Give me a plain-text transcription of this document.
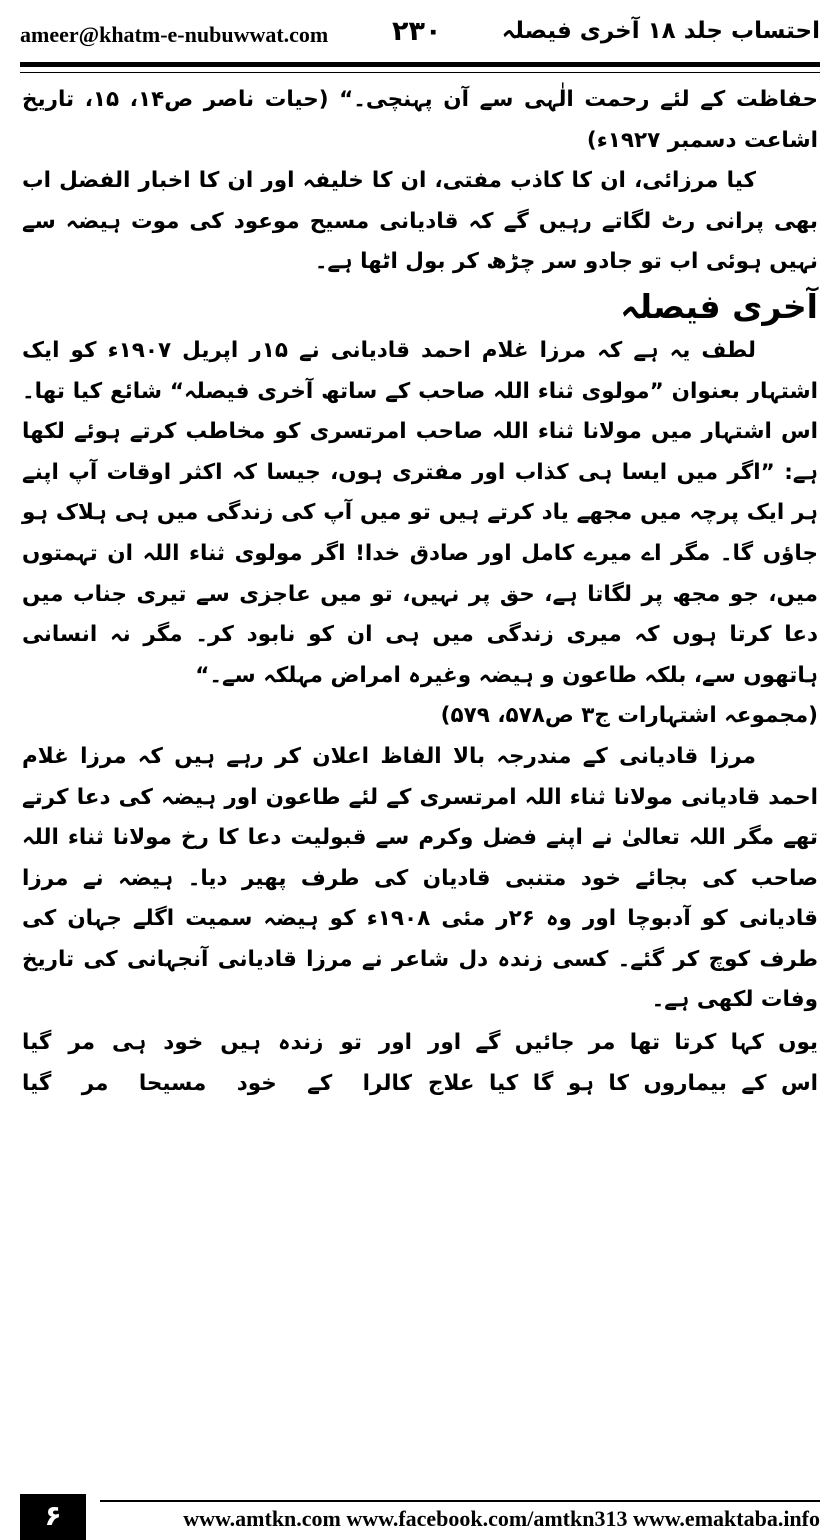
ameer@khatm-e-nubuwwat.com ۲۳۰	احتساب جلد ۱۸ آخری فیصلہ

حفاظت کے لئے رحمت الٰہی سے آن پہنچی۔“ (حیات ناصر ص۱۴، ۱۵، تاریخ اشاعت دسمبر ۱۹۲۷ء)

کیا مرزائی، ان کا کاذب مفتی، ان کا خلیفہ اور ان کا اخبار الفضل اب بھی پرانی رٹ لگاتے رہیں گے کہ قادیانی مسیح موعود کی موت ہیضہ سے نہیں ہوئی اب تو جادو سر چڑھ کر بول اٹھا ہے۔

آخری فیصلہ

لطف یہ ہے کہ مرزا غلام احمد قادیانی نے ۱۵ر اپریل ۱۹۰۷ء کو ایک اشتہار بعنوان ”مولوی ثناء اللہ صاحب کے ساتھ آخری فیصلہ“ شائع کیا تھا۔ اس اشتہار میں مولانا ثناء اللہ صاحب امرتسری کو مخاطب کرتے ہوئے لکھا ہے: ”اگر میں ایسا ہی کذاب اور مفتری ہوں، جیسا کہ اکثر اوقات آپ اپنے ہر ایک پرچہ میں مجھے یاد کرتے ہیں تو میں آپ کی زندگی میں ہی ہلاک ہو جاؤں گا۔ مگر اے میرے کامل اور صادق خدا! اگر مولوی ثناء اللہ ان تہمتوں میں، جو مجھ پر لگاتا ہے، حق پر نہیں، تو میں عاجزی سے تیری جناب میں دعا کرتا ہوں کہ میری زندگی میں ہی ان کو نابود کر۔ مگر نہ انسانی ہاتھوں سے، بلکہ طاعون و ہیضہ وغیرہ امراض مہلکہ سے۔“

(مجموعہ اشتہارات ج۳ ص۵۷۸، ۵۷۹)

مرزا قادیانی کے مندرجہ بالا الفاظ اعلان کر رہے ہیں کہ مرزا غلام احمد قادیانی مولانا ثناء اللہ امرتسری کے لئے طاعون اور ہیضہ کی دعا کرتے تھے مگر اللہ تعالیٰ نے اپنے فضل وکرم سے قبولیت دعا کا رخ مولانا ثناء اللہ صاحب کی بجائے خود متنبی قادیان کی طرف پھیر دیا۔ ہیضہ نے مرزا قادیانی کو آدبوچا اور وہ ۲۶ر مئی ۱۹۰۸ء کو ہیضہ سمیت اگلے جہان کی طرف کوچ کر گئے۔ کسی زندہ دل شاعر نے مرزا قادیانی آنجہانی کی تاریخ وفات لکھی ہے۔

یوں کہا کرتا تھا مر جائیں گے اور
اور تو زندہ ہیں خود ہی مر گیا
اس کے بیماروں کا ہو گا کیا علاج
کالرا کے خود مسیحا مر گیا
۶	www.amtkn.com www.facebook.com/amtkn313 www.emaktaba.info
